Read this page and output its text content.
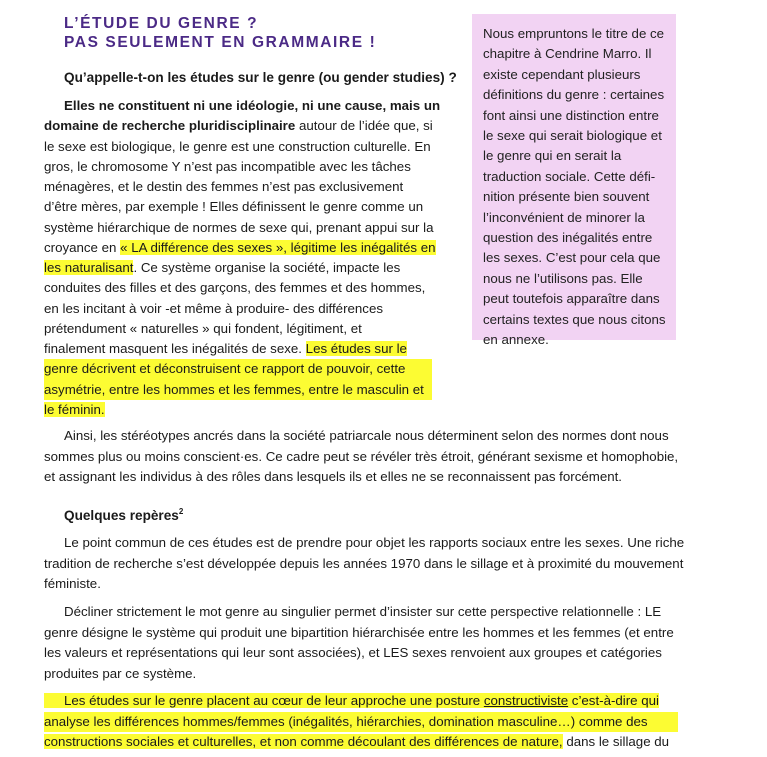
L’ÉTUDE DU GENRE ?
PAS SEULEMENT EN GRAMMAIRE !
Nous empruntons le titre de ce
chapitre à Cendrine Marro. Il
existe cependant plusieurs
définitions du genre : certaines
font ainsi une distinction entre
le sexe qui serait biologique et
le genre qui en serait la
traduction sociale. Cette défi-
nition présente bien souvent
l’inconvénient de minorer la
question des inégalités entre
les sexes. C’est pour cela que
nous ne l’utilisons pas. Elle
peut toutefois apparaître dans
certains textes que nous citons
en annexe.
Qu’appelle-t-on les études sur le genre (ou gender studies) ?
Elles ne constituent ni une idéologie, ni une cause, mais un
domaine de recherche pluridisciplinaire autour de l’idée que, si
le sexe est biologique, le genre est une construction culturelle. En
gros, le chromosome Y n’est pas incompatible avec les tâches
ménagères, et le destin des femmes n’est pas exclusivement
d’être mères, par exemple ! Elles définissent le genre comme un
système hiérarchique de normes de sexe qui, prenant appui sur la
croyance en « LA différence des sexes », légitime les inégalités en
les naturalisant. Ce système organise la société, impacte les
conduites des filles et des garçons, des femmes et des hommes,
en les incitant à voir -et même à produire- des différences
prétendument « naturelles » qui fondent, légitiment, et
finalement masquent les inégalités de sexe. Les études sur le
genre décrivent et déconstruisent ce rapport de pouvoir, cette
asymétrie, entre les hommes et les femmes, entre le masculin et
le féminin.
Ainsi, les stéréotypes ancrés dans la société patriarcale nous déterminent selon des normes dont nous
sommes plus ou moins conscient·es. Ce cadre peut se révéler très étroit, générant sexisme et homophobie,
et assignant les individus à des rôles dans lesquels ils et elles ne se reconnaissent pas forcément.
Quelques repères$^2$
Le point commun de ces études est de prendre pour objet les rapports sociaux entre les sexes. Une riche
tradition de recherche s’est développée depuis les années 1970 dans le sillage et à proximité du mouvement
féministe.
Décliner strictement le mot genre au singulier permet d’insister sur cette perspective relationnelle : LE
genre désigne le système qui produit une bipartition hiérarchisée entre les hommes et les femmes (et entre
les valeurs et représentations qui leur sont associées), et LES sexes renvoient aux groupes et catégories
produites par ce système.
Les études sur le genre placent au cœur de leur approche une posture constructiviste c’est-à-dire qui
analyse les différences hommes/femmes (inégalités, hiérarchies, domination masculine…) comme des
constructions sociales et culturelles, et non comme découlant des différences de nature, dans le sillage du
